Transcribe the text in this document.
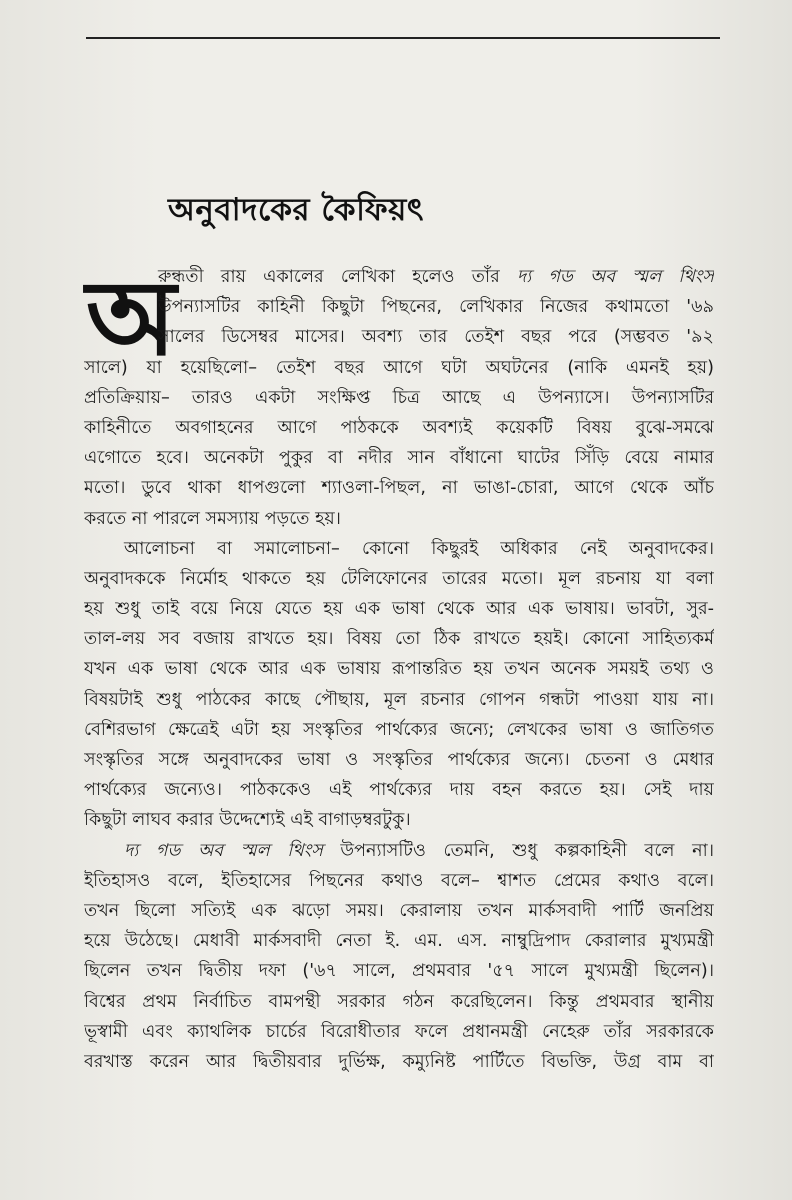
অনুবাদকের কৈফিয়ৎ
অ
রুন্ধতী রায় একালের লেখিকা হলেও তাঁর দ্য গড অব স্মল থিংস
উপন্যাসটির কাহিনী কিছুটা পিছনের, লেখিকার নিজের কথামতো '৬৯
সালের ডিসেম্বর মাসের। অবশ্য তার তেইশ বছর পরে (সম্ভবত '৯২
সালে) যা হয়েছিলো– তেইশ বছর আগে ঘটা অঘটনের (নাকি এমনই হয়)
প্রতিক্রিয়ায়– তারও একটা সংক্ষিপ্ত চিত্র আছে এ উপন্যাসে। উপন্যাসটির
কাহিনীতে অবগাহনের আগে পাঠককে অবশ্যই কয়েকটি বিষয় বুঝে-সমঝে
এগোতে হবে। অনেকটা পুকুর বা নদীর সান বাঁধানো ঘাটের সিঁড়ি বেয়ে নামার
মতো। ডুবে থাকা ধাপগুলো শ্যাওলা-পিছল, না ভাঙা-চোরা, আগে থেকে আঁচ
করতে না পারলে সমস্যায় পড়তে হয়।
আলোচনা বা সমালোচনা– কোনো কিছুরই অধিকার নেই অনুবাদকের।
অনুবাদককে নির্মোহ থাকতে হয় টেলিফোনের তারের মতো। মূল রচনায় যা বলা
হয় শুধু তাই বয়ে নিয়ে যেতে হয় এক ভাষা থেকে আর এক ভাষায়। ভাবটা, সুর-
তাল-লয় সব বজায় রাখতে হয়। বিষয় তো ঠিক রাখতে হয়ই। কোনো সাহিত্যকর্ম
যখন এক ভাষা থেকে আর এক ভাষায় রূপান্তরিত হয় তখন অনেক সময়ই তথ্য ও
বিষয়টাই শুধু পাঠকের কাছে পৌছায়, মূল রচনার গোপন গন্ধটা পাওয়া যায় না।
বেশিরভাগ ক্ষেত্রেই এটা হয় সংস্কৃতির পার্থক্যের জন্যে; লেখকের ভাষা ও জাতিগত
সংস্কৃতির সঙ্গে অনুবাদকের ভাষা ও সংস্কৃতির পার্থক্যের জন্যে। চেতনা ও মেধার
পার্থক্যের জন্যেও। পাঠককেও এই পার্থক্যের দায় বহন করতে হয়। সেই দায়
কিছুটা লাঘব করার উদ্দেশ্যেই এই বাগাড়ম্বরটুকু।
দ্য গড অব স্মল থিংস উপন্যাসটিও তেমনি, শুধু কল্পকাহিনী বলে না।
ইতিহাসও বলে, ইতিহাসের পিছনের কথাও বলে– শ্বাশত প্রেমের কথাও বলে।
তখন ছিলো সত্যিই এক ঝড়ো সময়। কেরালায় তখন মার্কসবাদী পার্টি জনপ্রিয়
হয়ে উঠেছে। মেধাবী মার্কসবাদী নেতা ই. এম. এস. নাম্বুদ্রিপাদ কেরালার মুখ্যমন্ত্রী
ছিলেন তখন দ্বিতীয় দফা ('৬৭ সালে, প্রথমবার '৫৭ সালে মুখ্যমন্ত্রী ছিলেন)।
বিশ্বের প্রথম নির্বাচিত বামপন্থী সরকার গঠন করেছিলেন। কিন্তু প্রথমবার স্থানীয়
ভূস্বামী এবং ক্যাথলিক চার্চের বিরোধীতার ফলে প্রধানমন্ত্রী নেহেরু তাঁর সরকারকে
বরখাস্ত করেন আর দ্বিতীয়বার দুর্ভিক্ষ, কম্যুনিষ্ট পার্টিতে বিভক্তি, উগ্র বাম বা
